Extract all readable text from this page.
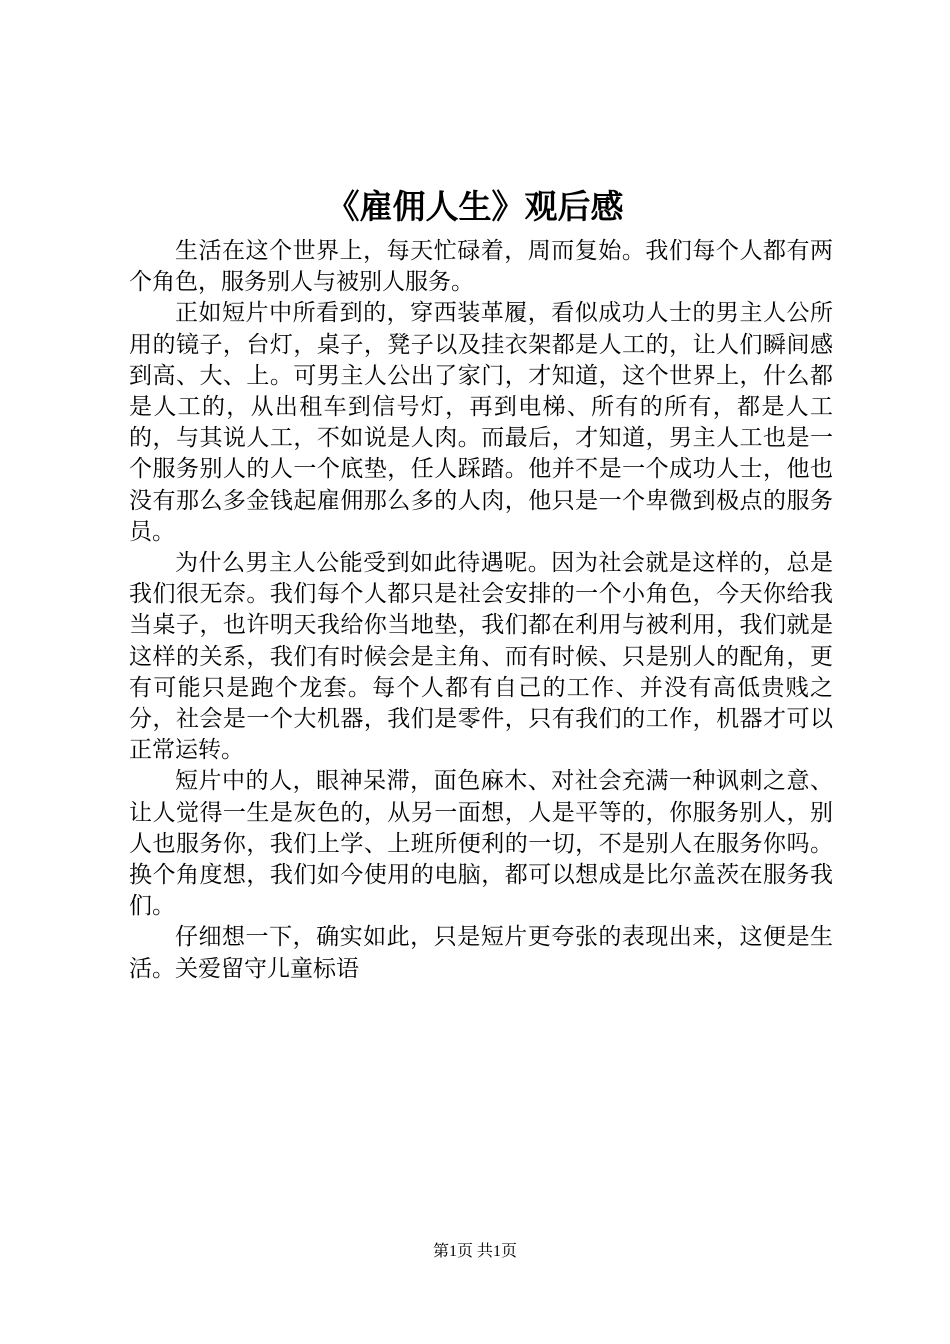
《雇佣人生》观后感

生活在这个世界上，每天忙碌着，周而复始。我们每个人都有两个角色，服务别人与被别人服务。

正如短片中所看到的，穿西装革履，看似成功人士的男主人公所用的镜子，台灯，桌子，凳子以及挂衣架都是人工的，让人们瞬间感到高、大、上。可男主人公出了家门，才知道，这个世界上，什么都是人工的，从出租车到信号灯，再到电梯、所有的所有，都是人工的，与其说人工，不如说是人肉。而最后，才知道，男主人工也是一个服务别人的人一个底垫，任人踩踏。他并不是一个成功人士，他也没有那么多金钱起雇佣那么多的人肉，他只是一个卑微到极点的服务员。

为什么男主人公能受到如此待遇呢。因为社会就是这样的，总是我们很无奈。我们每个人都只是社会安排的一个小角色，今天你给我当桌子，也许明天我给你当地垫，我们都在利用与被利用，我们就是这样的关系，我们有时候会是主角、而有时候、只是别人的配角，更有可能只是跑个龙套。每个人都有自己的工作、并没有高低贵贱之分，社会是一个大机器，我们是零件，只有我们的工作，机器才可以正常运转。

短片中的人，眼神呆滞，面色麻木、对社会充满一种讽刺之意、让人觉得一生是灰色的，从另一面想，人是平等的，你服务别人，别人也服务你，我们上学、上班所便利的一切，不是别人在服务你吗。换个角度想，我们如今使用的电脑，都可以想成是比尔盖茨在服务我们。

仔细想一下，确实如此，只是短片更夸张的表现出来，这便是生活。关爱留守儿童标语

第1页 共1页
